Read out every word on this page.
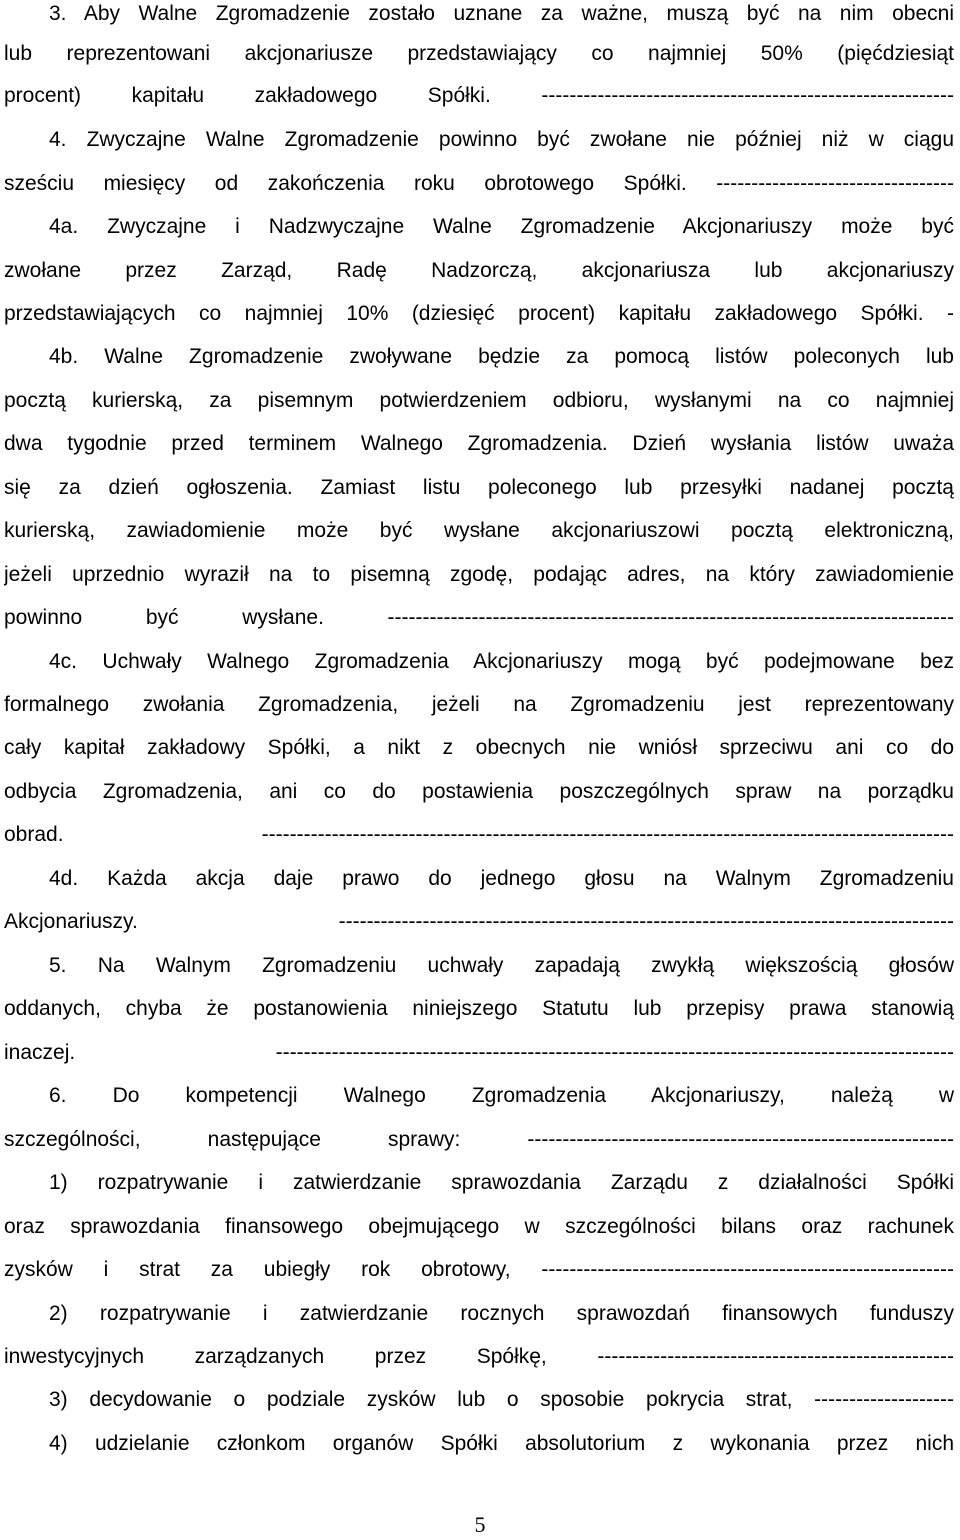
3. Aby Walne Zgromadzenie zostało uznane za ważne, muszą być na nim obecni
lub reprezentowani akcjonariusze przedstawiający co najmniej 50% (pięćdziesiąt
procent) kapitału zakładowego Spółki. -----------------------------------------------------------
4. Zwyczajne Walne Zgromadzenie powinno być zwołane nie później niż w ciągu
sześciu miesięcy od zakończenia roku obrotowego Spółki. ----------------------------------
4a. Zwyczajne i Nadzwyczajne Walne Zgromadzenie Akcjonariuszy może być
zwołane przez Zarząd, Radę Nadzorczą, akcjonariusza lub akcjonariuszy
przedstawiających co najmniej 10% (dziesięć procent) kapitału zakładowego Spółki. -
4b. Walne Zgromadzenie zwoływane będzie za pomocą listów poleconych lub
pocztą kurierską, za pisemnym potwierdzeniem odbioru, wysłanymi na co najmniej
dwa tygodnie przed terminem Walnego Zgromadzenia. Dzień wysłania listów uważa
się za dzień ogłoszenia. Zamiast listu poleconego lub przesyłki nadanej pocztą
kurierską, zawiadomienie może być wysłane akcjonariuszowi pocztą elektroniczną,
jeżeli uprzednio wyraził na to pisemną zgodę, podając adres, na który zawiadomienie
powinno być wysłane. ---------------------------------------------------------------------------------
4c. Uchwały Walnego Zgromadzenia Akcjonariuszy mogą być podejmowane bez
formalnego zwołania Zgromadzenia, jeżeli na Zgromadzeniu jest reprezentowany
cały kapitał zakładowy Spółki, a nikt z obecnych nie wniósł sprzeciwu ani co do
odbycia Zgromadzenia, ani co do postawienia poszczególnych spraw na porządku
obrad. ---------------------------------------------------------------------------------------------------
4d. Każda akcja daje prawo do jednego głosu na Walnym Zgromadzeniu
Akcjonariuszy. ----------------------------------------------------------------------------------------
5. Na Walnym Zgromadzeniu uchwały zapadają zwykłą większością głosów
oddanych, chyba że postanowienia niniejszego Statutu lub przepisy prawa stanowią
inaczej. -------------------------------------------------------------------------------------------------
6. Do kompetencji Walnego Zgromadzenia Akcjonariuszy, należą w
szczególności, następujące sprawy: -------------------------------------------------------------
1) rozpatrywanie i zatwierdzanie sprawozdania Zarządu z działalności Spółki
oraz sprawozdania finansowego obejmującego w szczególności bilans oraz rachunek
zysków i strat za ubiegły rok obrotowy, -----------------------------------------------------------
2) rozpatrywanie i zatwierdzanie rocznych sprawozdań finansowych funduszy
inwestycyjnych zarządzanych przez Spółkę, ---------------------------------------------------
3) decydowanie o podziale zysków lub o sposobie pokrycia strat, --------------------
4) udzielanie członkom organów Spółki absolutorium z wykonania przez nich
5
